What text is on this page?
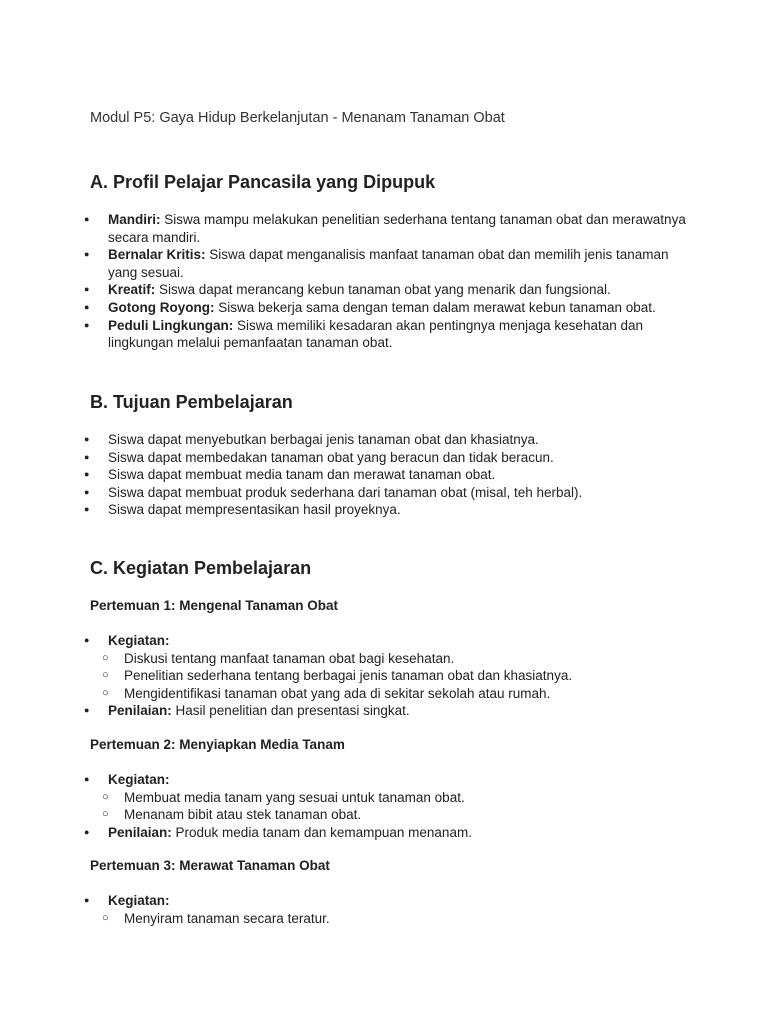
Modul P5: Gaya Hidup Berkelanjutan - Menanam Tanaman Obat

A. Profil Pelajar Pancasila yang Dipupuk
● Mandiri: Siswa mampu melakukan penelitian sederhana tentang tanaman obat dan merawatnya secara mandiri.
● Bernalar Kritis: Siswa dapat menganalisis manfaat tanaman obat dan memilih jenis tanaman yang sesuai.
● Kreatif: Siswa dapat merancang kebun tanaman obat yang menarik dan fungsional.
● Gotong Royong: Siswa bekerja sama dengan teman dalam merawat kebun tanaman obat.
● Peduli Lingkungan: Siswa memiliki kesadaran akan pentingnya menjaga kesehatan dan lingkungan melalui pemanfaatan tanaman obat.
B. Tujuan Pembelajaran
● Siswa dapat menyebutkan berbagai jenis tanaman obat dan khasiatnya.
● Siswa dapat membedakan tanaman obat yang beracun dan tidak beracun.
● Siswa dapat membuat media tanam dan merawat tanaman obat.
● Siswa dapat membuat produk sederhana dari tanaman obat (misal, teh herbal).
● Siswa dapat mempresentasikan hasil proyeknya.
C. Kegiatan Pembelajaran
Pertemuan 1: Mengenal Tanaman Obat
● Kegiatan:
○ Diskusi tentang manfaat tanaman obat bagi kesehatan.
○ Penelitian sederhana tentang berbagai jenis tanaman obat dan khasiatnya.
○ Mengidentifikasi tanaman obat yang ada di sekitar sekolah atau rumah.
● Penilaian: Hasil penelitian dan presentasi singkat.
Pertemuan 2: Menyiapkan Media Tanam
● Kegiatan:
○ Membuat media tanam yang sesuai untuk tanaman obat.
○ Menanam bibit atau stek tanaman obat.
● Penilaian: Produk media tanam dan kemampuan menanam.
Pertemuan 3: Merawat Tanaman Obat
● Kegiatan:
○ Menyiram tanaman secara teratur.
